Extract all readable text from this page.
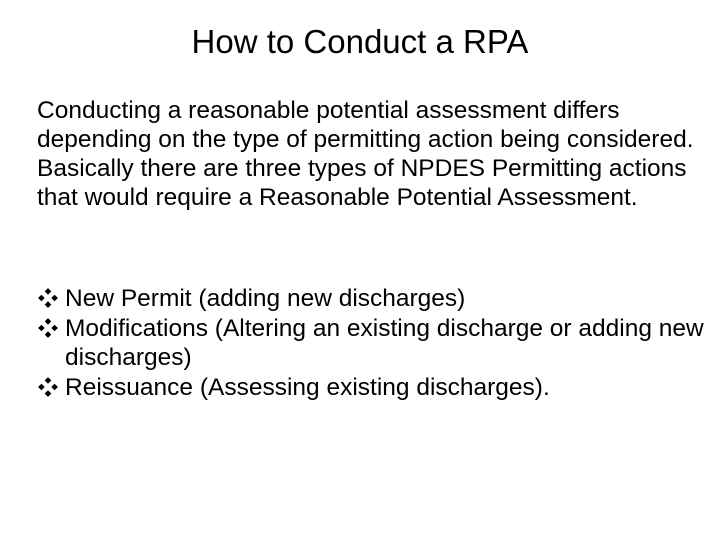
How to Conduct a RPA

Conducting a reasonable potential assessment differs depending on the type of permitting action being considered. Basically there are three types of NPDES Permitting actions that would require a Reasonable Potential Assessment.

New Permit (adding new discharges)
Modifications (Altering an existing discharge or adding new discharges)
Reissuance (Assessing existing discharges).
